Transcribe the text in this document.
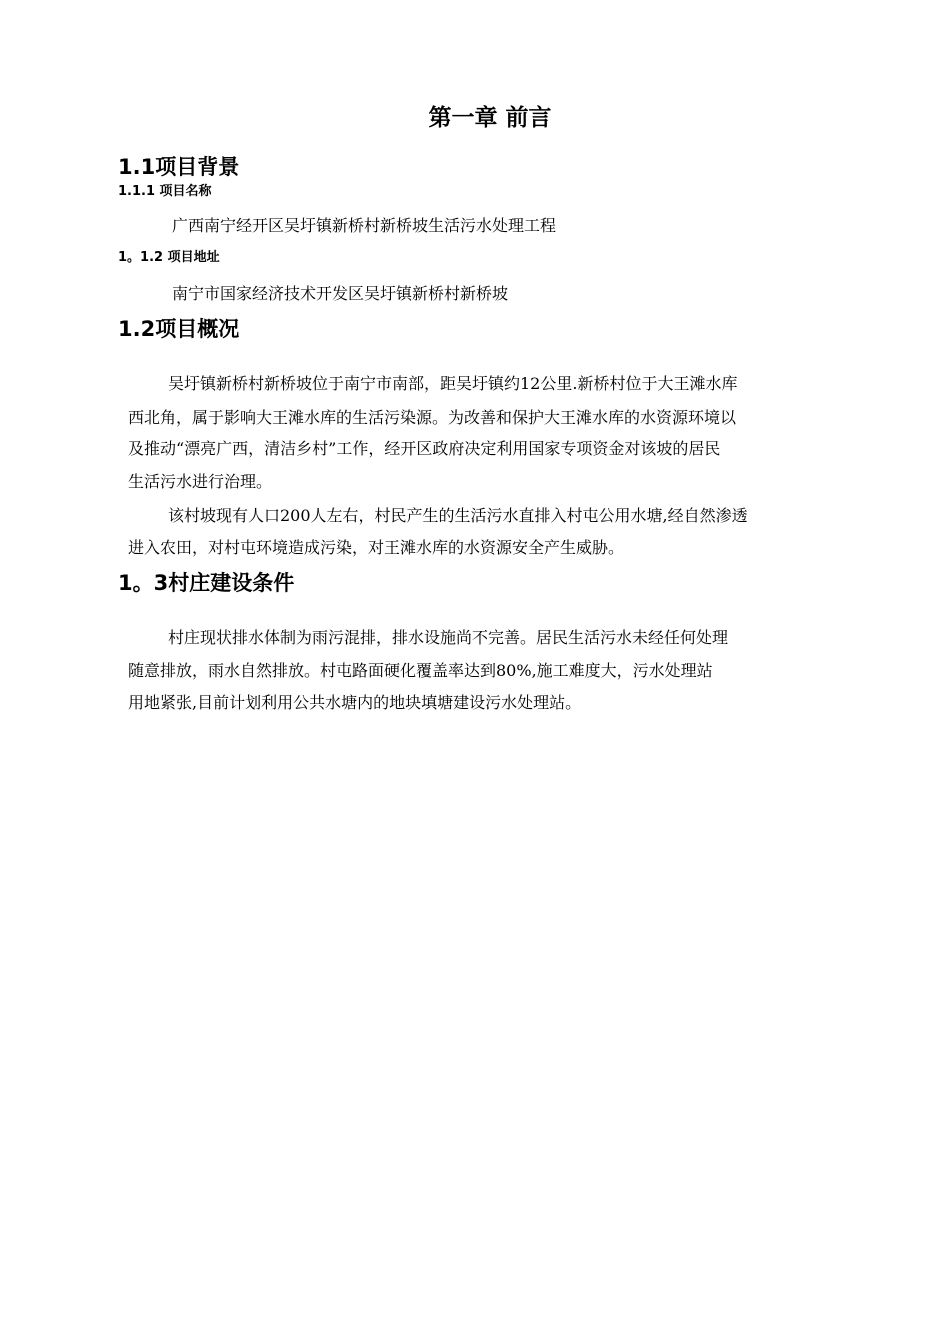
第一章 前言
1.1项目背景
1.1.1 项目名称

广西南宁经开区吴圩镇新桥村新桥坡生活污水处理工程

1。1.2 项目地址

南宁市国家经济技术开发区吴圩镇新桥村新桥坡

1.2项目概况

吴圩镇新桥村新桥坡位于南宁市南部，距吴圩镇约12公里.新桥村位于大王滩水库

西北角，属于影响大王滩水库的生活污染源。为改善和保护大王滩水库的水资源环境以

及推动“漂亮广西，清洁乡村”工作，经开区政府决定利用国家专项资金对该坡的居民

生活污水进行治理。

该村坡现有人口200人左右，村民产生的生活污水直排入村屯公用水塘,经自然渗透

进入农田，对村屯环境造成污染，对王滩水库的水资源安全产生威胁。

1。3村庄建设条件

村庄现状排水体制为雨污混排，排水设施尚不完善。居民生活污水未经任何处理

随意排放，雨水自然排放。村屯路面硬化覆盖率达到80%,施工难度大，污水处理站

用地紧张,目前计划利用公共水塘内的地块填塘建设污水处理站。
